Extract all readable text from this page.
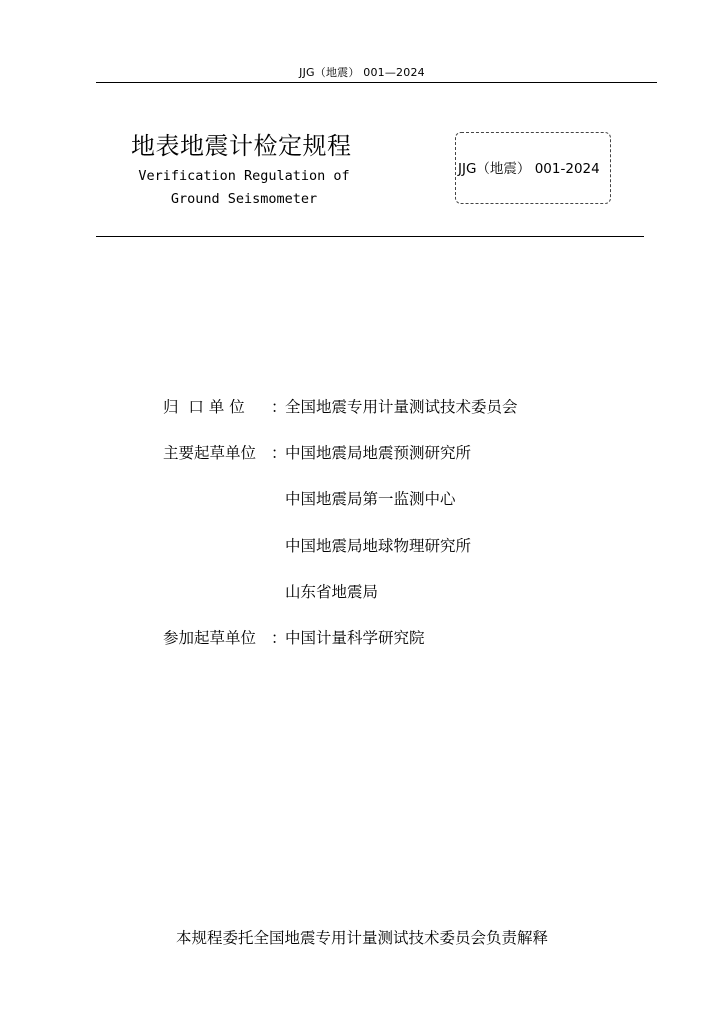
JJG（地震） 001—2024
地表地震计检定规程
Verification Regulation of
Ground Seismometer
JJG（地震） 001-2024
归  口 单 位 ：全国地震专用计量测试技术委员会
主要起草单位 ：中国地震局地震预测研究所
中国地震局第一监测中心
中国地震局地球物理研究所
山东省地震局
参加起草单位 ：中国计量科学研究院
本规程委托全国地震专用计量测试技术委员会负责解释
